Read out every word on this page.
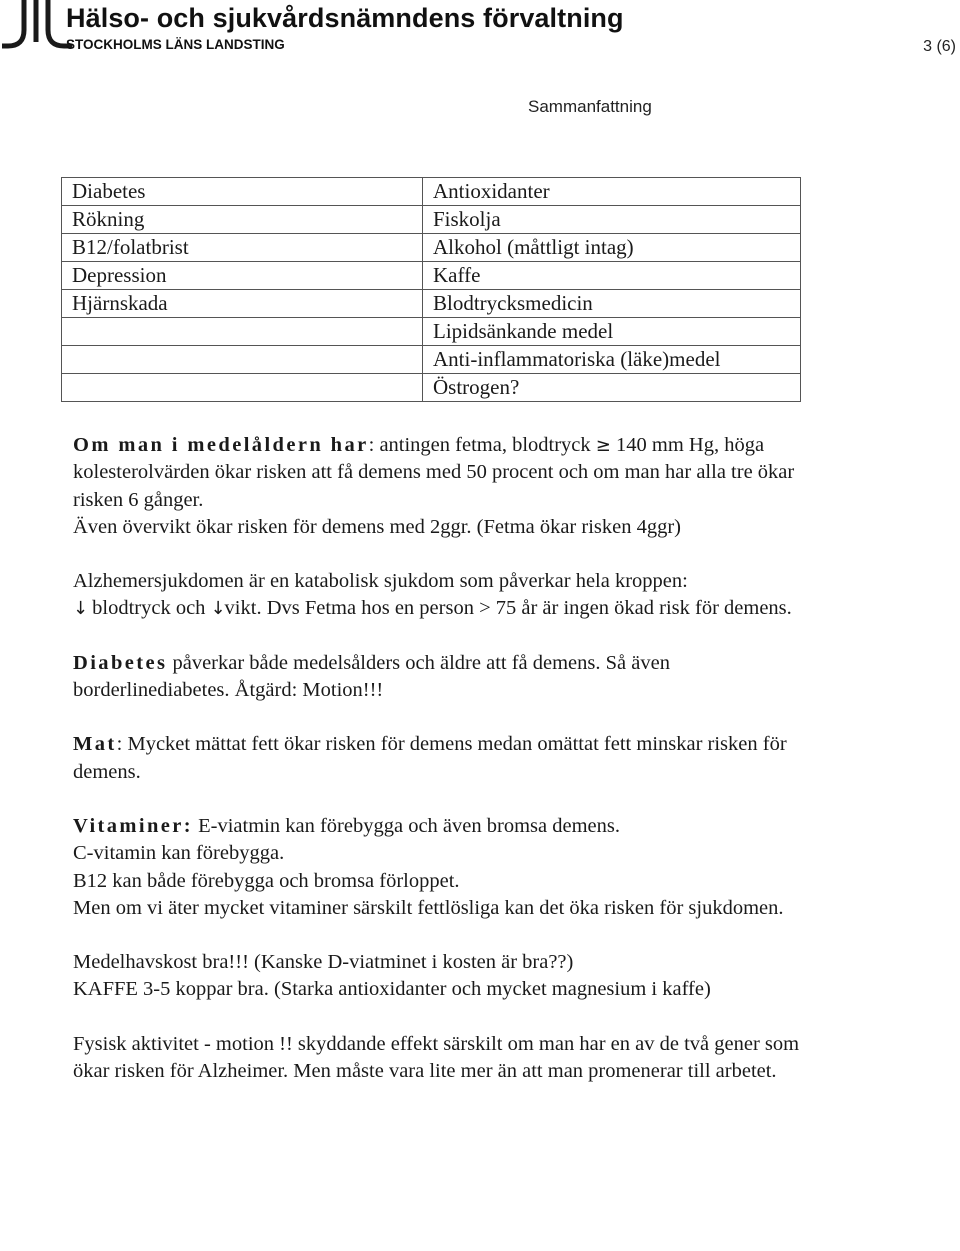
Hälso- och sjukvårdsnämndens förvaltning
STOCKHOLMS LÄNS LANDSTING	3 (6)
Sammanfattning
Diabetes	Antioxidanter
Rökning	Fiskolja
B12/folatbrist	Alkohol (måttligt intag)
Depression	Kaffe
Hjärnskada	Blodtrycksmedicin
	Lipidsänkande medel
	Anti-inflammatoriska (läke)medel
	Östrogen?

Om man i medelåldern har: antingen fetma, blodtryck ≥ 140 mm Hg, höga kolesterolvärden ökar risken att få demens med 50 procent och om man har alla tre ökar risken 6 gånger.
Även övervikt ökar risken för demens med 2ggr. (Fetma ökar risken 4ggr)

Alzhemersjukdomen är en katabolisk sjukdom som påverkar hela kroppen:
↓ blodtryck och ↓vikt. Dvs Fetma hos en person > 75 år är ingen ökad risk för demens.

Diabetes påverkar både medelsålders och äldre att få demens. Så även borderlinediabetes. Åtgärd: Motion!!!

Mat: Mycket mättat fett ökar risken för demens medan omättat fett minskar risken för demens.

Vitaminer: E-viatmin kan förebygga och även bromsa demens.
C-vitamin kan förebygga.
B12 kan både förebygga och bromsa förloppet.
Men om vi äter mycket vitaminer särskilt fettlösliga kan det öka risken för sjukdomen.

Medelhavskost bra!!! (Kanske D-viatminet i kosten är bra??)
KAFFE 3-5 koppar bra. (Starka antioxidanter och mycket magnesium i kaffe)

Fysisk aktivitet - motion !! skyddande effekt särskilt om man har en av de två gener som ökar risken för Alzheimer. Men måste vara lite mer än att man promenerar till arbetet.
